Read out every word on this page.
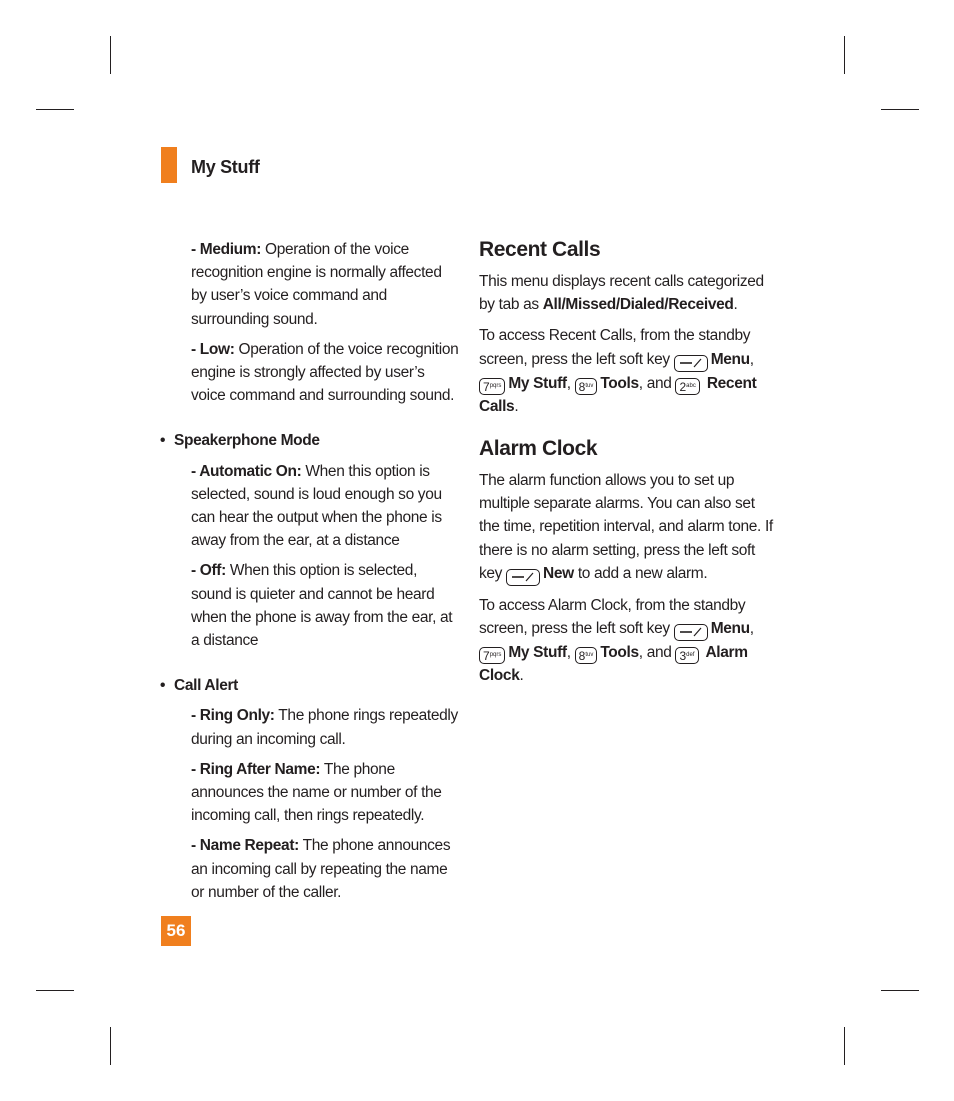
My Stuff
- Medium: Operation of the voice recognition engine is normally affected by user’s voice command and surrounding sound.
- Low: Operation of the voice recognition engine is strongly affected by user’s voice command and surrounding sound.
• Speakerphone Mode
- Automatic On: When this option is selected, sound is loud enough so you can hear the output when the phone is away from the ear, at a distance
- Off: When this option is selected, sound is quieter and cannot be heard when the phone is away from the ear, at a distance
• Call Alert
- Ring Only: The phone rings repeatedly during an incoming call.
- Ring After Name: The phone announces the name or number of the incoming call, then rings repeatedly.
- Name Repeat: The phone announces an incoming call by repeating the name or number of the caller.
Recent Calls
This menu displays recent calls categorized by tab as All/Missed/Dialed/Received.
To access Recent Calls, from the standby screen, press the left soft key Menu, $7^{pqrs}$ My Stuff, $8^{tuv}$ Tools, and $2^{abc}$ Recent Calls.
Alarm Clock
The alarm function allows you to set up multiple separate alarms. You can also set the time, repetition interval, and alarm tone. If there is no alarm setting, press the left soft key New to add a new alarm.
To access Alarm Clock, from the standby screen, press the left soft key Menu, $7^{pqrs}$ My Stuff, $8^{tuv}$ Tools, and $3^{def}$ Alarm Clock.
56
